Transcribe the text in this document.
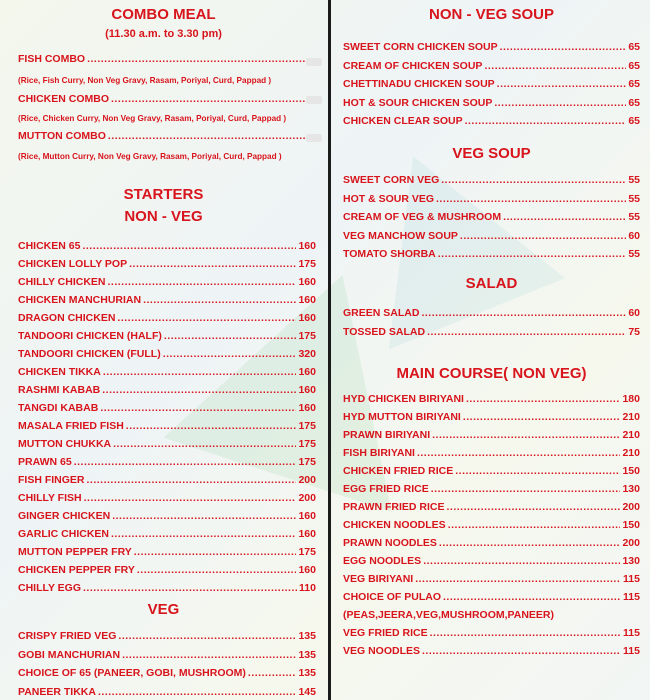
COMBO MEAL
(11.30 a.m. to 3.30 pm)
FISH COMBO
.....
(Rice, Fish Curry, Non Veg Gravy, Rasam, Poriyal, Curd, Pappad )
CHICKEN COMBO
.....
(Rice, Chicken Curry, Non Veg Gravy, Rasam, Poriyal, Curd, Pappad )
MUTTON COMBO
.....
(Rice, Mutton Curry, Non Veg Gravy, Rasam, Poriyal, Curd, Pappad )
STARTERS
NON - VEG
CHICKEN 65 .....	160
CHICKEN LOLLY POP .....	175
CHILLY CHICKEN .....	160
CHICKEN MANCHURIAN .....	160
DRAGON CHICKEN .....	160
TANDOORI CHICKEN (HALF) .....	175
TANDOORI CHICKEN (FULL) .....	320
CHICKEN TIKKA .....	160
RASHMI KABAB .....	160
TANGDI KABAB .....	160
MASALA FRIED FISH .....	175
MUTTON CHUKKA .....	175
PRAWN 65 .....	175
FISH FINGER .....	200
CHILLY FISH .....	200
GINGER CHICKEN .....	160
GARLIC CHICKEN .....	160
MUTTON PEPPER FRY .....	175
CHICKEN PEPPER FRY .....	160
CHILLY EGG .....	110
VEG
CRISPY FRIED VEG .....	135
GOBI MANCHURIAN .....	135
CHOICE OF 65 (PANEER, GOBI, MUSHROOM) .....	135
PANEER TIKKA .....	145
NON - VEG SOUP
SWEET CORN CHICKEN SOUP .....	65
CREAM OF CHICKEN SOUP .....	65
CHETTINADU CHICKEN SOUP .....	65
HOT & SOUR CHICKEN SOUP .....	65
CHICKEN CLEAR SOUP .....	65
VEG SOUP
SWEET CORN VEG .....	55
HOT & SOUR VEG .....	55
CREAM OF VEG & MUSHROOM .....	55
VEG MANCHOW SOUP .....	60
TOMATO SHORBA .....	55
SALAD
GREEN SALAD .....	60
TOSSED SALAD .....	75
MAIN COURSE( NON VEG)
HYD CHICKEN BIRIYANI .....	180
HYD MUTTON BIRIYANI .....	210
PRAWN BIRIYANI .....	210
FISH BIRIYANI .....	210
CHICKEN FRIED RICE .....	150
EGG FRIED RICE .....	130
PRAWN FRIED RICE .....	200
CHICKEN NOODLES .....	150
PRAWN NOODLES .....	200
EGG NOODLES .....	130
VEG BIRIYANI .....	115
CHOICE OF PULAO .....	115
(PEAS,JEERA,VEG,MUSHROOM,PANEER)
VEG FRIED RICE .....	115
VEG NOODLES .....	115
